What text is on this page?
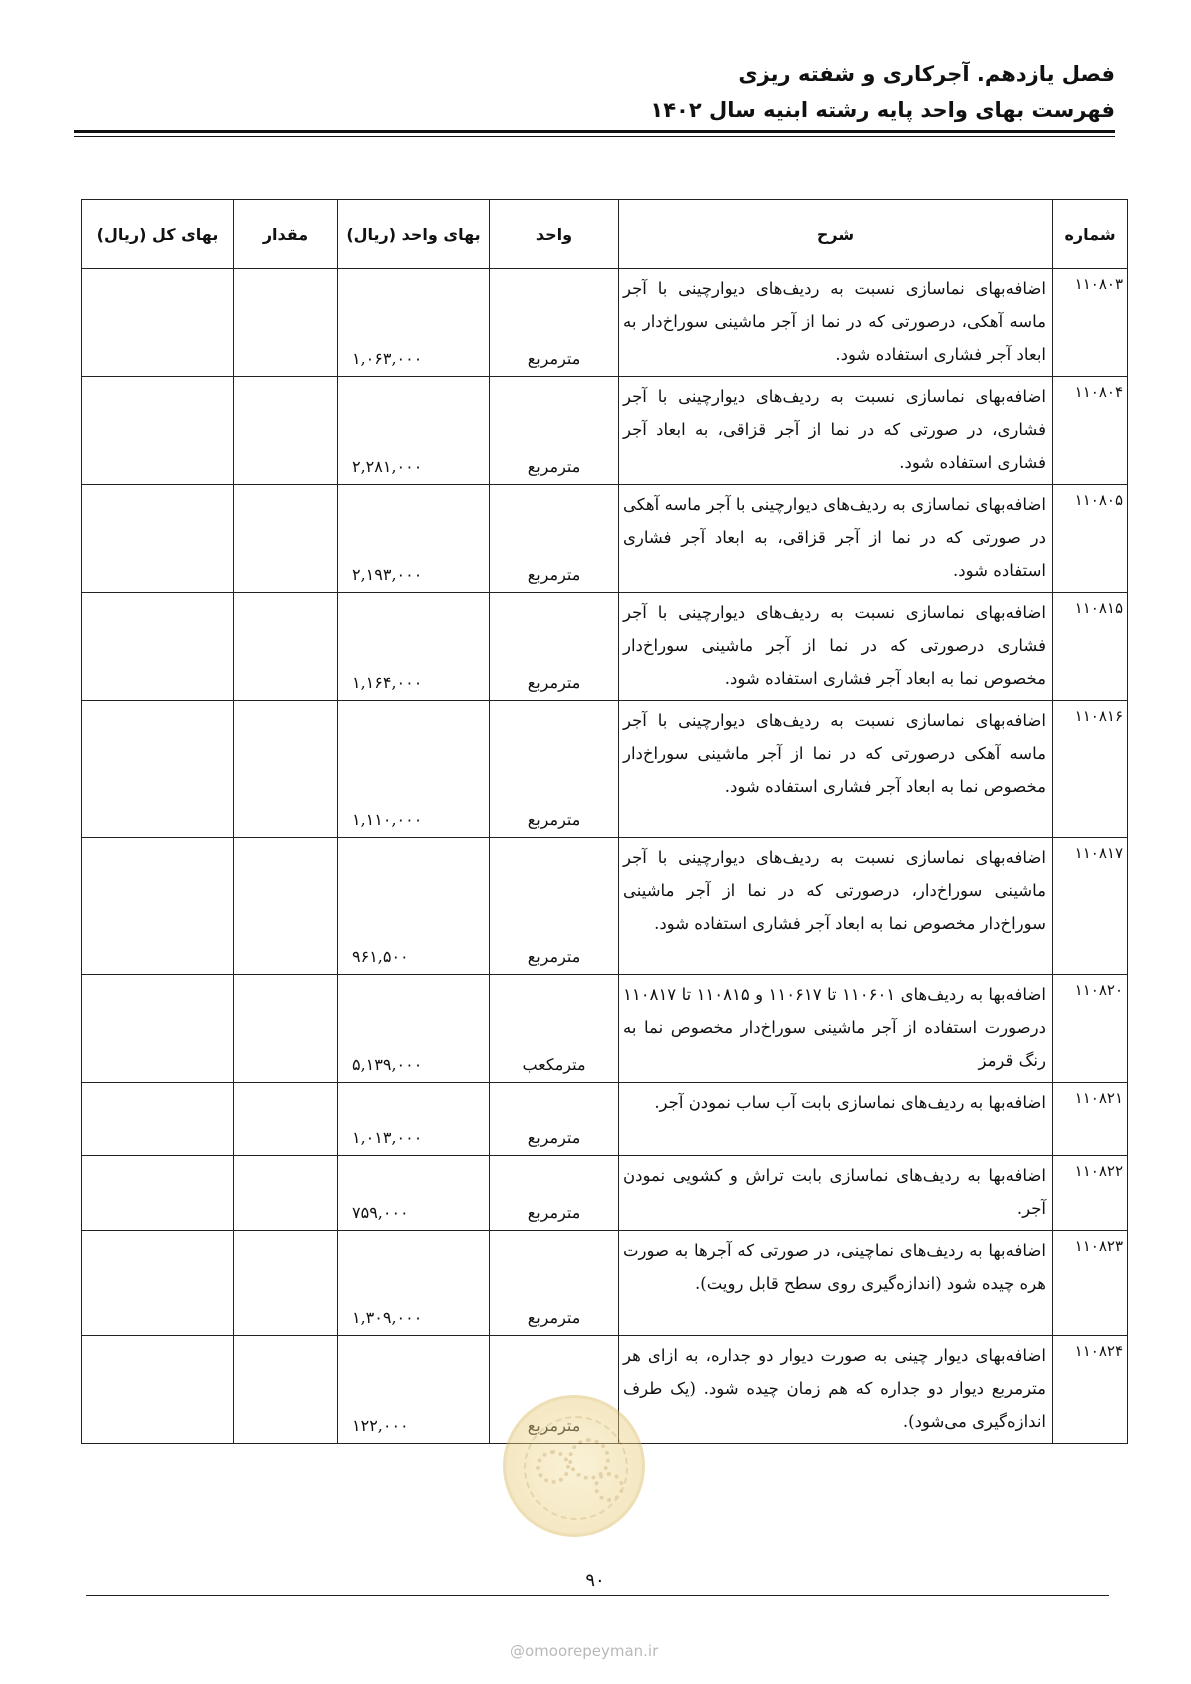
فصل یازدهم. آجرکاری و شفته ریزی
فهرست بهای واحد پایه رشته ابنیه سال ۱۴۰۲
شماره	شرح	واحد	بهای واحد (ریال)	مقدار	بهای کل (ریال)
۱۱۰۸۰۳	اضافه‌بهای نماسازی نسبت به ردیف‌های دیوارچینی با آجر ماسه آهکی، درصورتی که در نما از آجر ماشینی سوراخ‌دار به ابعاد آجر فشاری استفاده شود.	مترمربع	۱,۰۶۳,۰۰۰		
۱۱۰۸۰۴	اضافه‌بهای نماسازی نسبت به ردیف‌های دیوارچینی با آجر فشاری، در صورتی که در نما از آجر قزاقی، به ابعاد آجر فشاری استفاده شود.	مترمربع	۲,۲۸۱,۰۰۰		
۱۱۰۸۰۵	اضافه‌بهای نماسازی به ردیف‌های دیوارچینی با آجر ماسه آهکی در صورتی که در نما از آجر قزاقی، به ابعاد آجر فشاری استفاده شود.	مترمربع	۲,۱۹۳,۰۰۰		
۱۱۰۸۱۵	اضافه‌بهای نماسازی نسبت به ردیف‌های دیوارچینی با آجر فشاری درصورتی که در نما از آجر ماشینی سوراخ‌دار مخصوص نما به ابعاد آجر فشاری استفاده شود.	مترمربع	۱,۱۶۴,۰۰۰		
۱۱۰۸۱۶	اضافه‌بهای نماسازی نسبت به ردیف‌های دیوارچینی با آجر ماسه آهکی درصورتی که در نما از آجر ماشینی سوراخ‌دار مخصوص نما به ابعاد آجر فشاری استفاده شود.	مترمربع	۱,۱۱۰,۰۰۰		
۱۱۰۸۱۷	اضافه‌بهای نماسازی نسبت به ردیف‌های دیوارچینی با آجر ماشینی سوراخ‌دار، درصورتی که در نما از آجر ماشینی سوراخ‌دار مخصوص نما به ابعاد آجر فشاری استفاده شود.	مترمربع	۹۶۱,۵۰۰		
۱۱۰۸۲۰	اضافه‌بها به ردیف‌های ۱۱۰۶۰۱ تا ۱۱۰۶۱۷ و ۱۱۰۸۱۵ تا ۱۱۰۸۱۷ درصورت استفاده از آجر ماشینی سوراخ‌دار مخصوص نما به رنگ قرمز	مترمکعب	۵,۱۳۹,۰۰۰		
۱۱۰۸۲۱	اضافه‌بها به ردیف‌های نماسازی بابت آب ساب نمودن آجر.	مترمربع	۱,۰۱۳,۰۰۰		
۱۱۰۸۲۲	اضافه‌بها به ردیف‌های نماسازی بابت تراش و کشویی نمودن آجر.	مترمربع	۷۵۹,۰۰۰		
۱۱۰۸۲۳	اضافه‌بها به ردیف‌های نماچینی، در صورتی که آجرها به صورت هره چیده شود (اندازه‌گیری روی سطح قابل رویت).	مترمربع	۱,۳۰۹,۰۰۰		
۱۱۰۸۲۴	اضافه‌بهای دیوار چینی به صورت دیوار دو جداره، به ازای هر مترمربع دیوار دو جداره که هم زمان چیده شود. (یک طرف اندازه‌گیری می‌شود).	مترمربع	۱۲۲,۰۰۰		
۹۰
@omoorepeyman.ir
